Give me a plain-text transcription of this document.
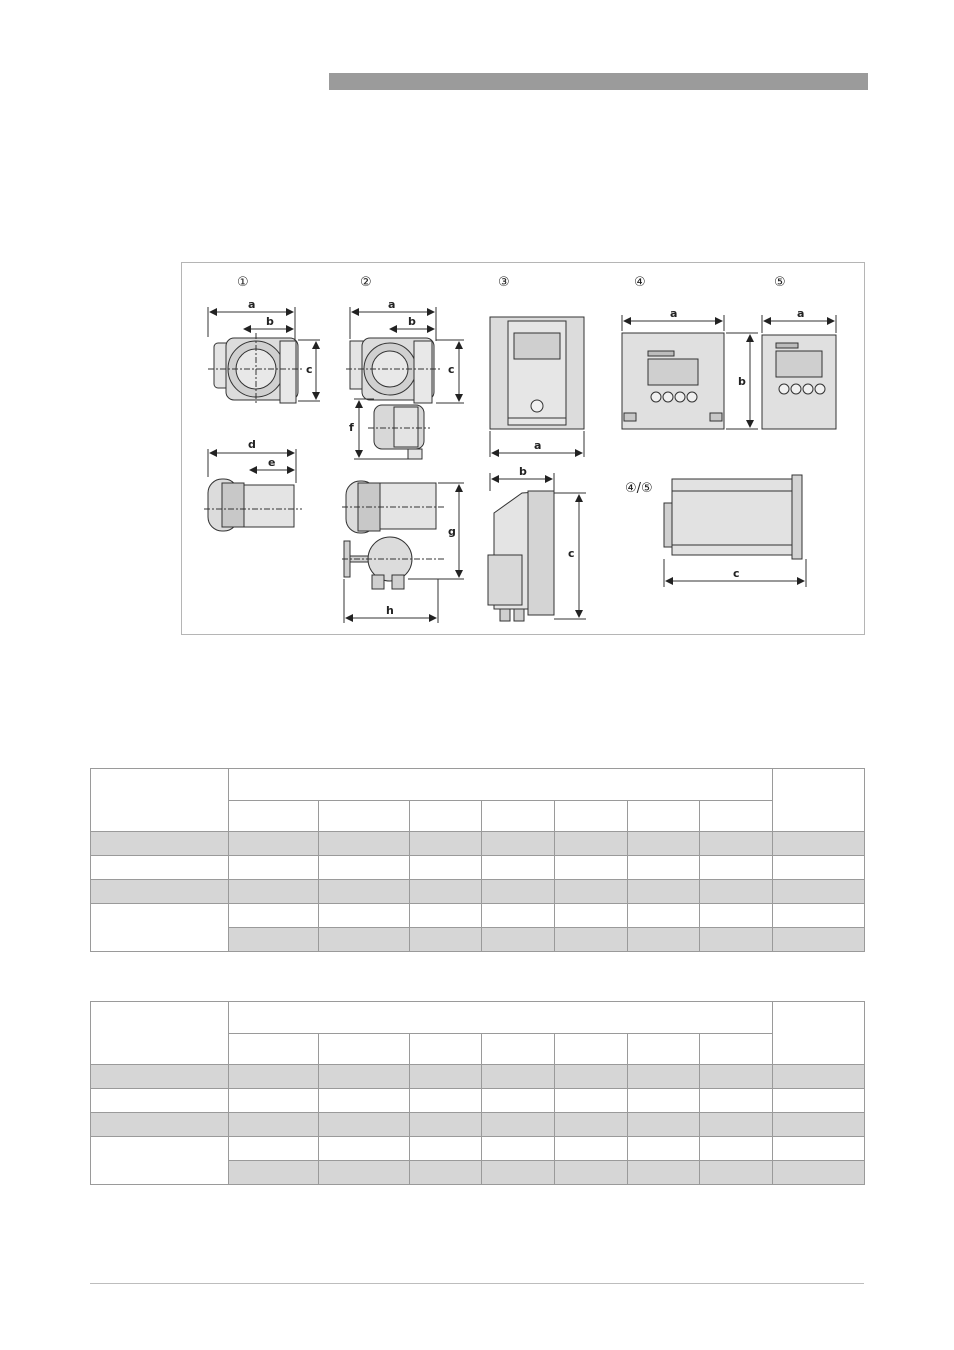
①	②	③	④	⑤
④/⑤
a
b
c
d
e
a
b
c
f
g
h
a
b
c
a
b
a
c
